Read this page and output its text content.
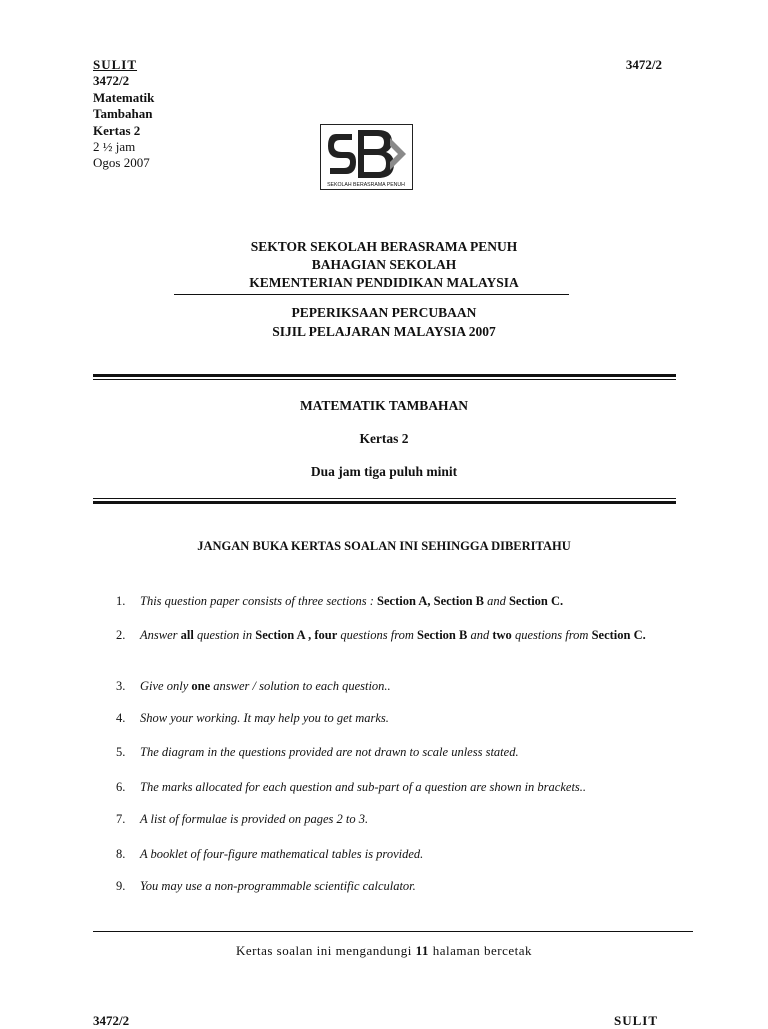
SULIT
3472/2
Matematik
Tambahan
Kertas 2
2 ½ jam
Ogos 2007
3472/2
SEKOLAH BERASRAMA PENUH
SEKTOR SEKOLAH BERASRAMA PENUH
BAHAGIAN SEKOLAH
KEMENTERIAN PENDIDIKAN MALAYSIA
PEPERIKSAAN PERCUBAAN
SIJIL PELAJARAN MALAYSIA 2007
MATEMATIK TAMBAHAN
Kertas 2
Dua jam tiga puluh minit
JANGAN BUKA KERTAS SOALAN INI SEHINGGA DIBERITAHU
1. This question paper consists of three sections : Section A, Section B and Section C.
2. Answer all question in Section A , four questions from Section B and two questions from Section C.
3. Give only one answer / solution to each question..
4. Show your working. It may help you to get marks.
5. The diagram in the questions provided are not drawn to scale unless stated.
6. The marks allocated for each question and sub-part of a question are shown in brackets..
7. A list of formulae is provided on pages 2 to 3.
8. A booklet of four-figure mathematical tables is provided.
9. You may use a non-programmable scientific calculator.
Kertas soalan ini mengandungi 11 halaman bercetak
3472/2	SULIT
